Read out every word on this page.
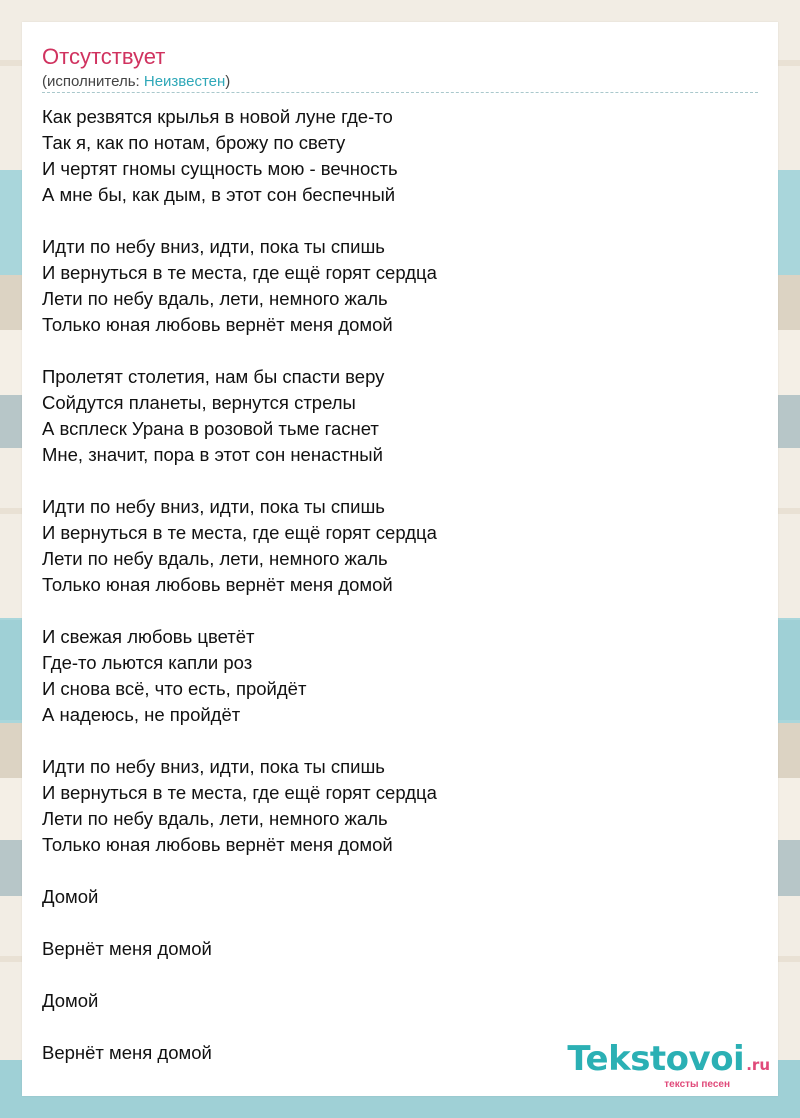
Отсутствует
(исполнитель: Неизвестен)
Как резвятся крылья в новой луне где-то
Так я, как по нотам, брожу по свету
И чертят гномы сущность мою - вечность
А мне бы, как дым, в этот сон беспечный
Идти по небу вниз, идти, пока ты спишь
И вернуться в те места, где ещё горят сердца
Лети по небу вдаль, лети, немного жаль
Только юная любовь вернёт меня домой
Пролетят столетия, нам бы спасти веру
Сойдутся планеты, вернутся стрелы
А всплеск Урана в розовой тьме гаснет
Мне, значит, пора в этот сон ненастный
Идти по небу вниз, идти, пока ты спишь
И вернуться в те места, где ещё горят сердца
Лети по небу вдаль, лети, немного жаль
Только юная любовь вернёт меня домой
И свежая любовь цветёт
Где-то льются капли роз
И снова всё, что есть, пройдёт
А надеюсь, не пройдёт
Идти по небу вниз, идти, пока ты спишь
И вернуться в те места, где ещё горят сердца
Лети по небу вдаль, лети, немного жаль
Только юная любовь вернёт меня домой
Домой
Вернёт меня домой
Домой
Вернёт меня домой	Tekstovoi .ru
тексты песен
